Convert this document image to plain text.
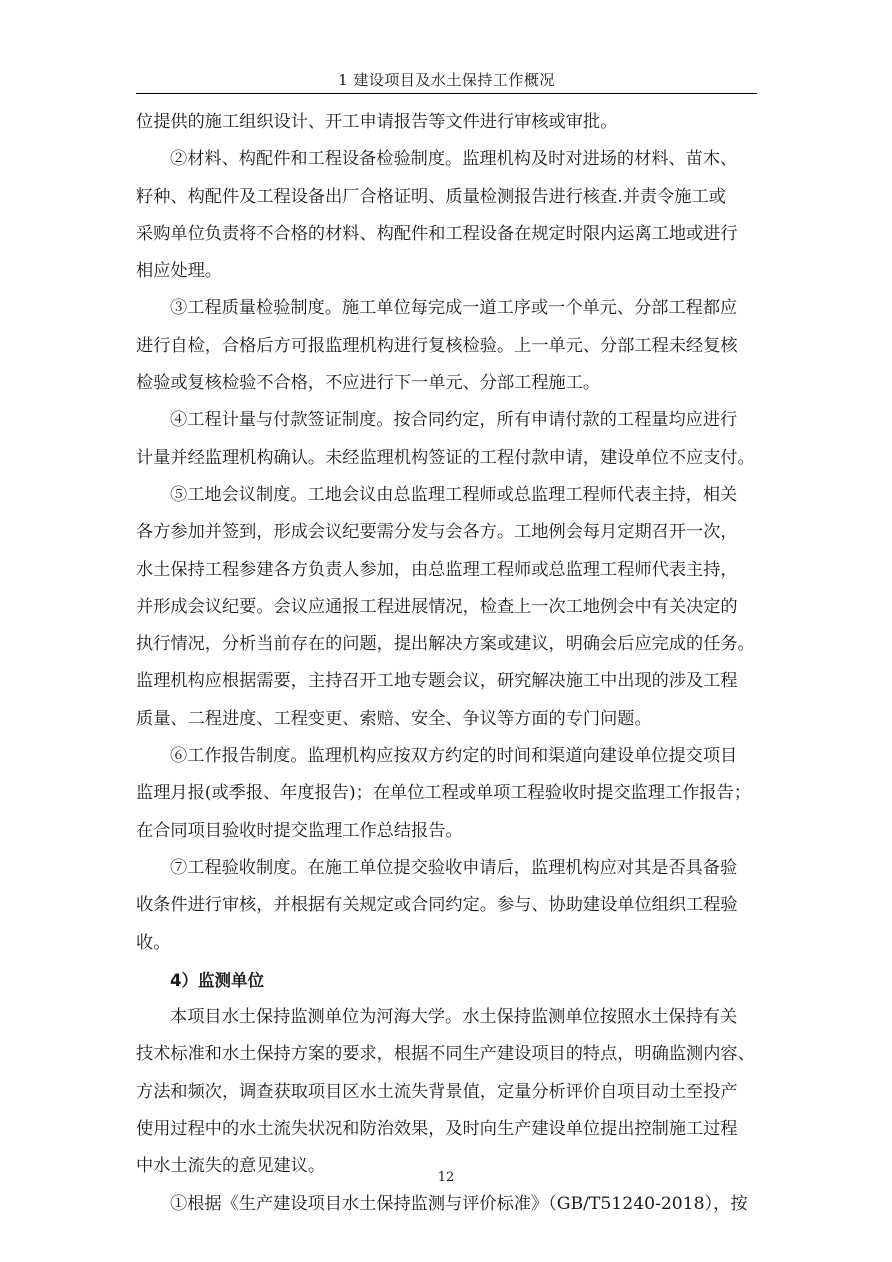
1 建设项目及水土保持工作概况
位提供的施工组织设计、开工申请报告等文件进行审核或审批。
②材料、构配件和工程设备检验制度。监理机构及时对进场的材料、苗木、
籽种、构配件及工程设备出厂合格证明、质量检测报告进行核查.并责令施工或
采购单位负责将不合格的材料、构配件和工程设备在规定时限内运离工地或进行
相应处理。
③工程质量检验制度。施工单位每完成一道工序或一个单元、分部工程都应
进行自检，合格后方可报监理机构进行复核检验。上一单元、分部工程未经复核
检验或复核检验不合格，不应进行下一单元、分部工程施工。
④工程计量与付款签证制度。按合同约定，所有申请付款的工程量均应进行
计量并经监理机构确认。未经监理机构签证的工程付款申请，建设单位不应支付。
⑤工地会议制度。工地会议由总监理工程师或总监理工程师代表主持，相关
各方参加并签到，形成会议纪要需分发与会各方。工地例会每月定期召开一次，
水土保持工程参建各方负责人参加，由总监理工程师或总监理工程师代表主持，
并形成会议纪要。会议应通报工程进展情况，检查上一次工地例会中有关决定的
执行情况，分析当前存在的问题，提出解决方案或建议，明确会后应完成的任务。
监理机构应根据需要，主持召开工地专题会议，研究解决施工中出现的涉及工程
质量、二程进度、工程变更、索赔、安全、争议等方面的专门问题。
⑥工作报告制度。监理机构应按双方约定的时间和渠道向建设单位提交项目
监理月报(或季报、年度报告)；在单位工程或单项工程验收时提交监理工作报告；
在合同项目验收时提交监理工作总结报告。
⑦工程验收制度。在施工单位提交验收申请后，监理机构应对其是否具备验
收条件进行审核，并根据有关规定或合同约定。参与、协助建设单位组织工程验
收。
4）监测单位
本项目水土保持监测单位为河海大学。水土保持监测单位按照水土保持有关
技术标准和水土保持方案的要求，根据不同生产建设项目的特点，明确监测内容、
方法和频次，调查获取项目区水土流失背景值，定量分析评价自项目动土至投产
使用过程中的水土流失状况和防治效果，及时向生产建设单位提出控制施工过程
中水土流失的意见建议。
①根据《生产建设项目水土保持监测与评价标准》（GB/T51240-2018），按
12
